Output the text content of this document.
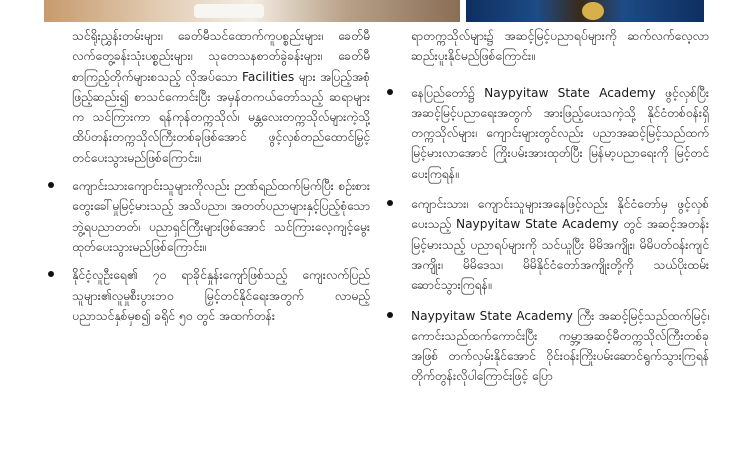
သင်ရိုးညွှန်းတမ်းများ၊ ခေတ်မီသင်ထောက်ကူပစ္စည်းများ၊ ခေတ်မီလက်တွေ့ခန်းသုံးပစ္စည်းများ၊ သုတေသနစာတ်ခွဲခန်းများ၊ ခေတ်မီစာကြည့်တိုက်များစသည့် လိုအပ်သော Facilities များ အပြည့်အစုံ ဖြည့်ဆည်း၍ စာသင်ကောင်းပြီး အမှန်တကယ်တော်သည့် ဆရာများက သင်ကြားကာ ရန်ကုန်တက္ကသိုလ်၊ မန္တလေးတက္ကသိုလ်များကဲ့သို့ ထိပ်တန်းတက္ကသိုလ်ကြီးတစ်ခုဖြစ်အောင် ဖွင့်လှစ်တည်ထောင်မြှင့်တင်ပေးသွားမည်ဖြစ်ကြောင်း။

ကျောင်းသားကျောင်းသူများကိုလည်း ဉာဏ်ရည်ထက်မြက်ပြီး စဉ်းစားတွေးခေါ်မှုမြင့်မားသည့် အသိပညာ၊ အတတ်ပညာများနှင့်ပြည့်စုံသော ဘွဲ့ရပညာတတ်၊ ပညာရှင်ကြီးများဖြစ်အောင် သင်ကြားလေ့ကျင့်မွေးထုတ်ပေးသွားမည်ဖြစ်ကြောင်း။

နိုင်ငံ့လူဦးရေ၏ ၇၀ ရာခိုင်နှုန်းကျော်ဖြစ်သည့် ကျေးလက်ပြည်သူများ၏လူမှုစီးပွားဘဝ မြှင့်တင်နိုင်ရေးအတွက် လာမည့်ပညာသင်နှစ်မှစ၍ ခရိုင် ၅၀ တွင် အထက်တန်း

ရာတက္ကသိုလ်များ၌ အဆင့်မြင့်ပညာရပ်များကို ဆက်လက်လေ့လာဆည်းပူးနိုင်မည်ဖြစ်ကြောင်း။

နေပြည်တော်၌ Naypyitaw State Academy ဖွင့်လှစ်ပြီး အဆင့်မြင့်ပညာရေးအတွက် အားဖြည့်ပေးသကဲ့သို့ နိုင်ငံတစ်ဝန်းရှိ တက္ကသိုလ်များ၊ ကျောင်းများတွင်လည်း ပညာအဆင့်မြင့်သည်ထက် မြင့်မားလာအောင် ကြိုးပမ်းအားထုတ်ပြီး မြန်မာ့ပညာရေးကို မြင့်တင်ပေးကြရန်။

ကျောင်းသား၊ ကျောင်းသူများအနေဖြင့်လည်း နိုင်ငံတော်မှ ဖွင့်လှစ်ပေးသည့် Naypyitaw State Academy တွင် အဆင့်အတန်းမြင့်မားသည့် ပညာရပ်များကို သင်ယူပြီး မိမိအကျိုး၊ မိမိပတ်ဝန်းကျင်အကျိုး၊ မိမိဒေသ၊ မိမိနိုင်ငံတော်အကျိုးတို့ကို သယ်ပိုးထမ်းဆောင်သွားကြရန်။

Naypyitaw State Academy ကြီး အဆင့်မြင့်သည်ထက်မြင့်၊ ကောင်းသည်ထက်ကောင်းပြီး ကမ္ဘာ့အဆင့်မီတက္ကသိုလ်ကြီးတစ်ခုအဖြစ် တက်လှမ်းနိုင်အောင် ဝိုင်းဝန်းကြိုးပမ်းဆောင်ရွက်သွားကြရန် တိုက်တွန်းလိုပါကြောင်းဖြင့် ပြော
